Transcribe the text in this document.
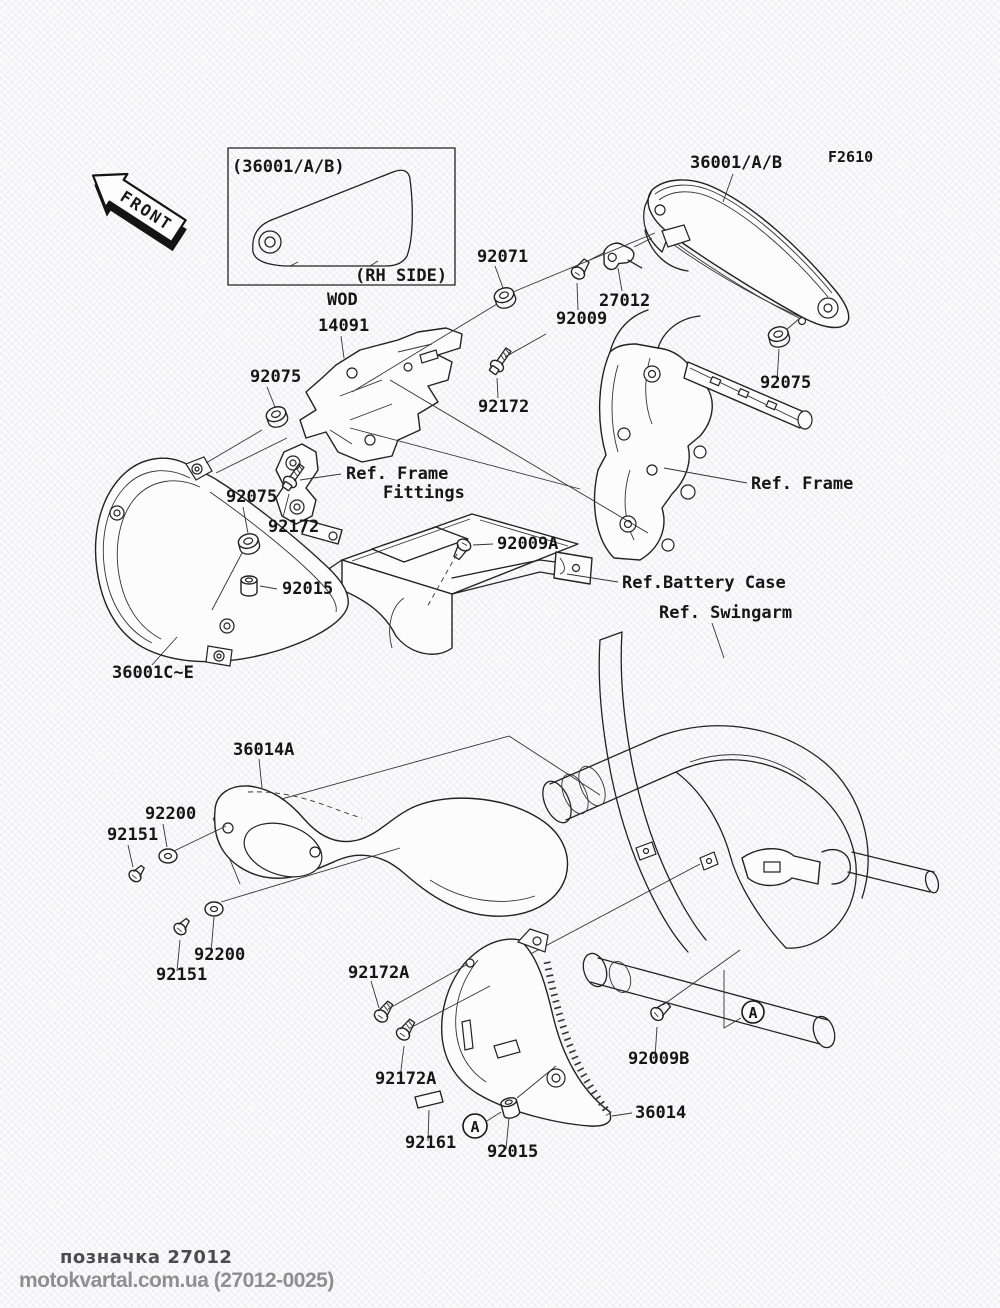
FRONT
(36001/A/B)
(RH SIDE)
WOD
A
A
36001/A/B	F2610
14091
92071
27012
92009
92075	92075
92172
Ref. Frame
Fittings	Ref. Frame
92075
92172
92009A
Ref.Battery Case
92015
Ref. Swingarm
36001C~E
36014A
92200
92151
92200
92151	92172A
92009B
92172A
36014
92161 92015
позначка 27012
motokvartal.com.ua (27012-0025)
